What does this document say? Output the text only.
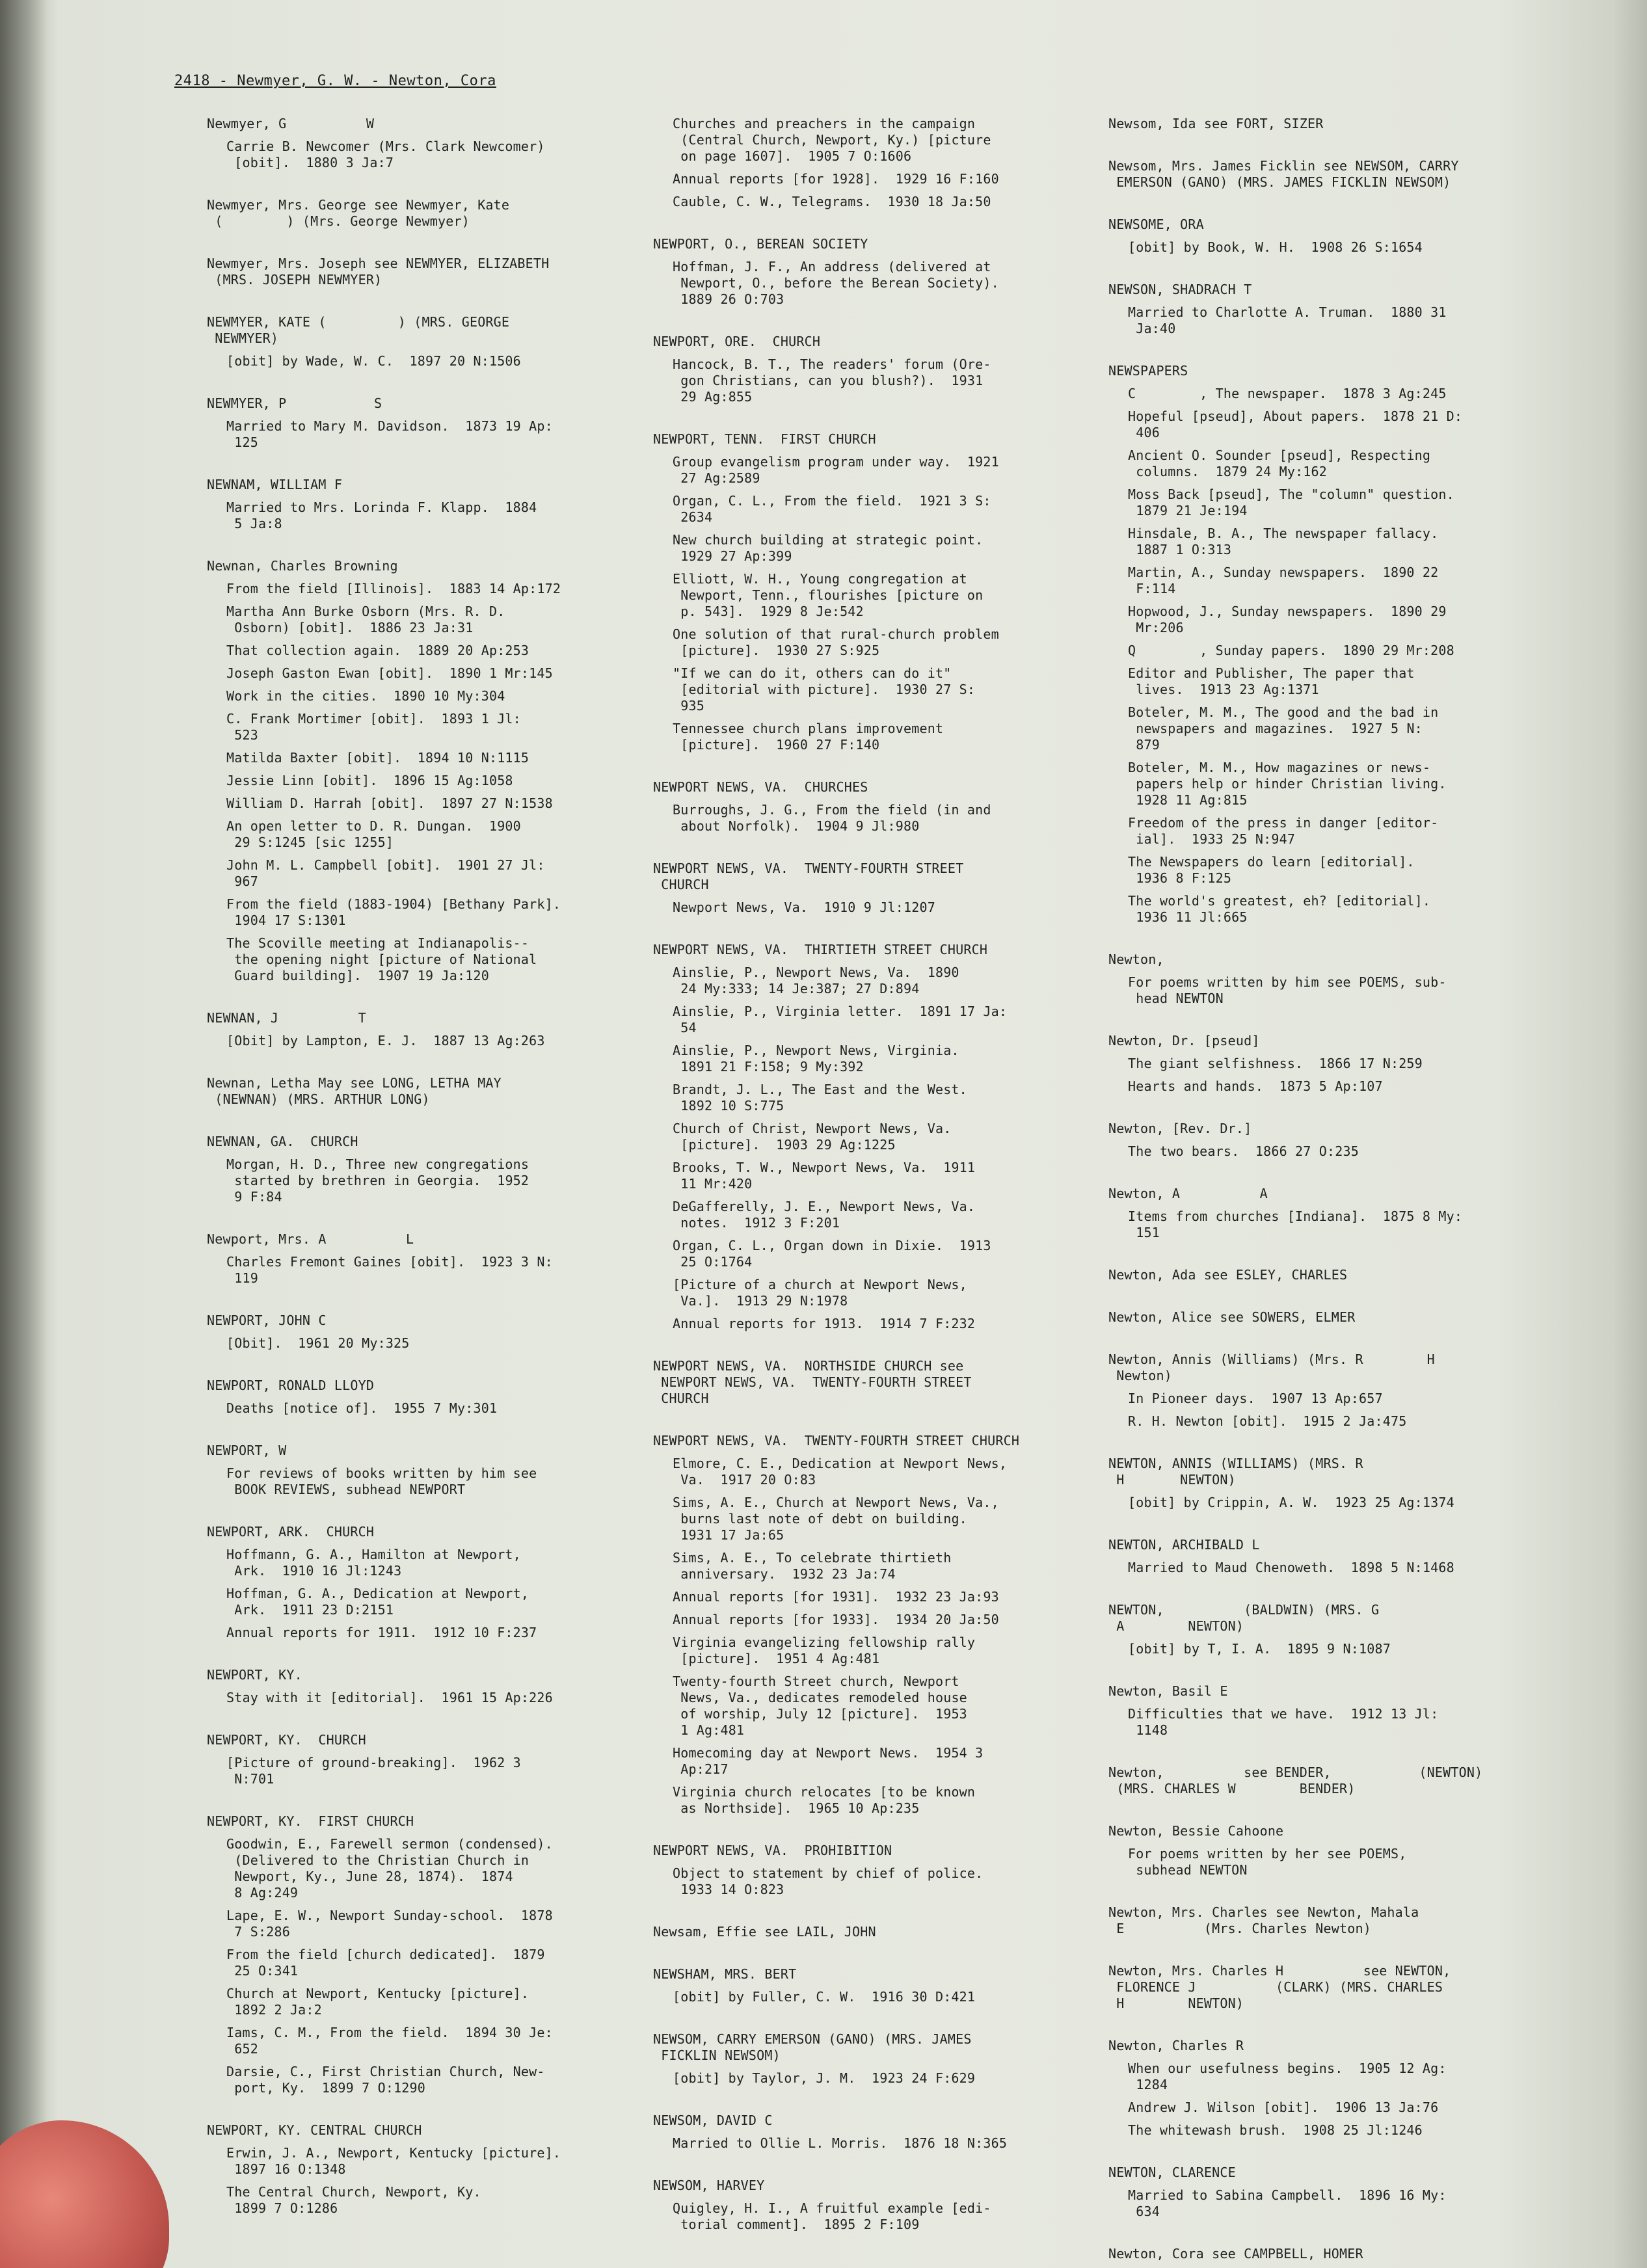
2418 - Newmyer, G. W. - Newton, Cora
Newmyer, G          W
Carrie B. Newcomer (Mrs. Clark Newcomer)
[obit].  1880 3 Ja:7
Newmyer, Mrs. George see Newmyer, Kate
(        ) (Mrs. George Newmyer)
Newmyer, Mrs. Joseph see NEWMYER, ELIZABETH
(MRS. JOSEPH NEWMYER)
NEWMYER, KATE (         ) (MRS. GEORGE
NEWMYER)
[obit] by Wade, W. C.  1897 20 N:1506
NEWMYER, P           S
Married to Mary M. Davidson.  1873 19 Ap:
125
NEWNAM, WILLIAM F
Married to Mrs. Lorinda F. Klapp.  1884
5 Ja:8
Newnan, Charles Browning
From the field [Illinois].  1883 14 Ap:172
Martha Ann Burke Osborn (Mrs. R. D.
Osborn) [obit].  1886 23 Ja:31
That collection again.  1889 20 Ap:253
Joseph Gaston Ewan [obit].  1890 1 Mr:145
Work in the cities.  1890 10 My:304
C. Frank Mortimer [obit].  1893 1 Jl:
523
Matilda Baxter [obit].  1894 10 N:1115
Jessie Linn [obit].  1896 15 Ag:1058
William D. Harrah [obit].  1897 27 N:1538
An open letter to D. R. Dungan.  1900
29 S:1245 [sic 1255]
John M. L. Campbell [obit].  1901 27 Jl:
967
From the field (1883-1904) [Bethany Park].
1904 17 S:1301
The Scoville meeting at Indianapolis--
the opening night [picture of National
Guard building].  1907 19 Ja:120
NEWNAN, J          T
[Obit] by Lampton, E. J.  1887 13 Ag:263
Newnan, Letha May see LONG, LETHA MAY
(NEWNAN) (MRS. ARTHUR LONG)
NEWNAN, GA.  CHURCH
Morgan, H. D., Three new congregations
started by brethren in Georgia.  1952
9 F:84
Newport, Mrs. A          L
Charles Fremont Gaines [obit].  1923 3 N:
119
NEWPORT, JOHN C
[Obit].  1961 20 My:325
NEWPORT, RONALD LLOYD
Deaths [notice of].  1955 7 My:301
NEWPORT, W
For reviews of books written by him see
BOOK REVIEWS, subhead NEWPORT
NEWPORT, ARK.  CHURCH
Hoffmann, G. A., Hamilton at Newport,
Ark.  1910 16 Jl:1243
Hoffman, G. A., Dedication at Newport,
Ark.  1911 23 D:2151
Annual reports for 1911.  1912 10 F:237
NEWPORT, KY.
Stay with it [editorial].  1961 15 Ap:226
NEWPORT, KY.  CHURCH
[Picture of ground-breaking].  1962 3
N:701
NEWPORT, KY.  FIRST CHURCH
Goodwin, E., Farewell sermon (condensed).
(Delivered to the Christian Church in
Newport, Ky., June 28, 1874).  1874
8 Ag:249
Lape, E. W., Newport Sunday-school.  1878
7 S:286
From the field [church dedicated].  1879
25 O:341
Church at Newport, Kentucky [picture].
1892 2 Ja:2
Iams, C. M., From the field.  1894 30 Je:
652
Darsie, C., First Christian Church, New-
port, Ky.  1899 7 O:1290
NEWPORT, KY. CENTRAL CHURCH
Erwin, J. A., Newport, Kentucky [picture].
1897 16 O:1348
The Central Church, Newport, Ky.
1899 7 O:1286
Churches and preachers in the campaign
(Central Church, Newport, Ky.) [picture
on page 1607].  1905 7 O:1606
Annual reports [for 1928].  1929 16 F:160
Cauble, C. W., Telegrams.  1930 18 Ja:50
NEWPORT, O., BEREAN SOCIETY
Hoffman, J. F., An address (delivered at
Newport, O., before the Berean Society).
1889 26 O:703
NEWPORT, ORE.  CHURCH
Hancock, B. T., The readers' forum (Ore-
gon Christians, can you blush?).  1931
29 Ag:855
NEWPORT, TENN.  FIRST CHURCH
Group evangelism program under way.  1921
27 Ag:2589
Organ, C. L., From the field.  1921 3 S:
2634
New church building at strategic point.
1929 27 Ap:399
Elliott, W. H., Young congregation at
Newport, Tenn., flourishes [picture on
p. 543].  1929 8 Je:542
One solution of that rural-church problem
[picture].  1930 27 S:925
"If we can do it, others can do it"
[editorial with picture].  1930 27 S:
935
Tennessee church plans improvement
[picture].  1960 27 F:140
NEWPORT NEWS, VA.  CHURCHES
Burroughs, J. G., From the field (in and
about Norfolk).  1904 9 Jl:980
NEWPORT NEWS, VA.  TWENTY-FOURTH STREET
CHURCH
Newport News, Va.  1910 9 Jl:1207
NEWPORT NEWS, VA.  THIRTIETH STREET CHURCH
Ainslie, P., Newport News, Va.  1890
24 My:333; 14 Je:387; 27 D:894
Ainslie, P., Virginia letter.  1891 17 Ja:
54
Ainslie, P., Newport News, Virginia.
1891 21 F:158; 9 My:392
Brandt, J. L., The East and the West.
1892 10 S:775
Church of Christ, Newport News, Va.
[picture].  1903 29 Ag:1225
Brooks, T. W., Newport News, Va.  1911
11 Mr:420
DeGafferelly, J. E., Newport News, Va.
notes.  1912 3 F:201
Organ, C. L., Organ down in Dixie.  1913
25 O:1764
[Picture of a church at Newport News,
Va.].  1913 29 N:1978
Annual reports for 1913.  1914 7 F:232
NEWPORT NEWS, VA.  NORTHSIDE CHURCH see
NEWPORT NEWS, VA.  TWENTY-FOURTH STREET
CHURCH
NEWPORT NEWS, VA.  TWENTY-FOURTH STREET CHURCH
Elmore, C. E., Dedication at Newport News,
Va.  1917 20 O:83
Sims, A. E., Church at Newport News, Va.,
burns last note of debt on building.
1931 17 Ja:65
Sims, A. E., To celebrate thirtieth
anniversary.  1932 23 Ja:74
Annual reports [for 1931].  1932 23 Ja:93
Annual reports [for 1933].  1934 20 Ja:50
Virginia evangelizing fellowship rally
[picture].  1951 4 Ag:481
Twenty-fourth Street church, Newport
News, Va., dedicates remodeled house
of worship, July 12 [picture].  1953
1 Ag:481
Homecoming day at Newport News.  1954 3
Ap:217
Virginia church relocates [to be known
as Northside].  1965 10 Ap:235
NEWPORT NEWS, VA.  PROHIBITION
Object to statement by chief of police.
1933 14 O:823
Newsam, Effie see LAIL, JOHN
NEWSHAM, MRS. BERT
[obit] by Fuller, C. W.  1916 30 D:421
NEWSOM, CARRY EMERSON (GANO) (MRS. JAMES
FICKLIN NEWSOM)
[obit] by Taylor, J. M.  1923 24 F:629
NEWSOM, DAVID C
Married to Ollie L. Morris.  1876 18 N:365
NEWSOM, HARVEY
Quigley, H. I., A fruitful example [edi-
torial comment].  1895 2 F:109
Newsom, Ida see FORT, SIZER
Newsom, Mrs. James Ficklin see NEWSOM, CARRY
EMERSON (GANO) (MRS. JAMES FICKLIN NEWSOM)
NEWSOME, ORA
[obit] by Book, W. H.  1908 26 S:1654
NEWSON, SHADRACH T
Married to Charlotte A. Truman.  1880 31
Ja:40
NEWSPAPERS
C        , The newspaper.  1878 3 Ag:245
Hopeful [pseud], About papers.  1878 21 D:
406
Ancient O. Sounder [pseud], Respecting
columns.  1879 24 My:162
Moss Back [pseud], The "column" question.
1879 21 Je:194
Hinsdale, B. A., The newspaper fallacy.
1887 1 O:313
Martin, A., Sunday newspapers.  1890 22
F:114
Hopwood, J., Sunday newspapers.  1890 29
Mr:206
Q        , Sunday papers.  1890 29 Mr:208
Editor and Publisher, The paper that
lives.  1913 23 Ag:1371
Boteler, M. M., The good and the bad in
newspapers and magazines.  1927 5 N:
879
Boteler, M. M., How magazines or news-
papers help or hinder Christian living.
1928 11 Ag:815
Freedom of the press in danger [editor-
ial].  1933 25 N:947
The Newspapers do learn [editorial].
1936 8 F:125
The world's greatest, eh? [editorial].
1936 11 Jl:665
Newton,
For poems written by him see POEMS, sub-
head NEWTON
Newton, Dr. [pseud]
The giant selfishness.  1866 17 N:259
Hearts and hands.  1873 5 Ap:107
Newton, [Rev. Dr.]
The two bears.  1866 27 O:235
Newton, A          A
Items from churches [Indiana].  1875 8 My:
151
Newton, Ada see ESLEY, CHARLES
Newton, Alice see SOWERS, ELMER
Newton, Annis (Williams) (Mrs. R        H
Newton)
In Pioneer days.  1907 13 Ap:657
R. H. Newton [obit].  1915 2 Ja:475
NEWTON, ANNIS (WILLIAMS) (MRS. R
H       NEWTON)
[obit] by Crippin, A. W.  1923 25 Ag:1374
NEWTON, ARCHIBALD L
Married to Maud Chenoweth.  1898 5 N:1468
NEWTON,          (BALDWIN) (MRS. G
A        NEWTON)
[obit] by T, I. A.  1895 9 N:1087
Newton, Basil E
Difficulties that we have.  1912 13 Jl:
1148
Newton,          see BENDER,           (NEWTON)
(MRS. CHARLES W        BENDER)
Newton, Bessie Cahoone
For poems written by her see POEMS,
subhead NEWTON
Newton, Mrs. Charles see Newton, Mahala
E          (Mrs. Charles Newton)
Newton, Mrs. Charles H          see NEWTON,
FLORENCE J          (CLARK) (MRS. CHARLES
H        NEWTON)
Newton, Charles R
When our usefulness begins.  1905 12 Ag:
1284
Andrew J. Wilson [obit].  1906 13 Ja:76
The whitewash brush.  1908 25 Jl:1246
NEWTON, CLARENCE
Married to Sabina Campbell.  1896 16 My:
634
Newton, Cora see CAMPBELL, HOMER
